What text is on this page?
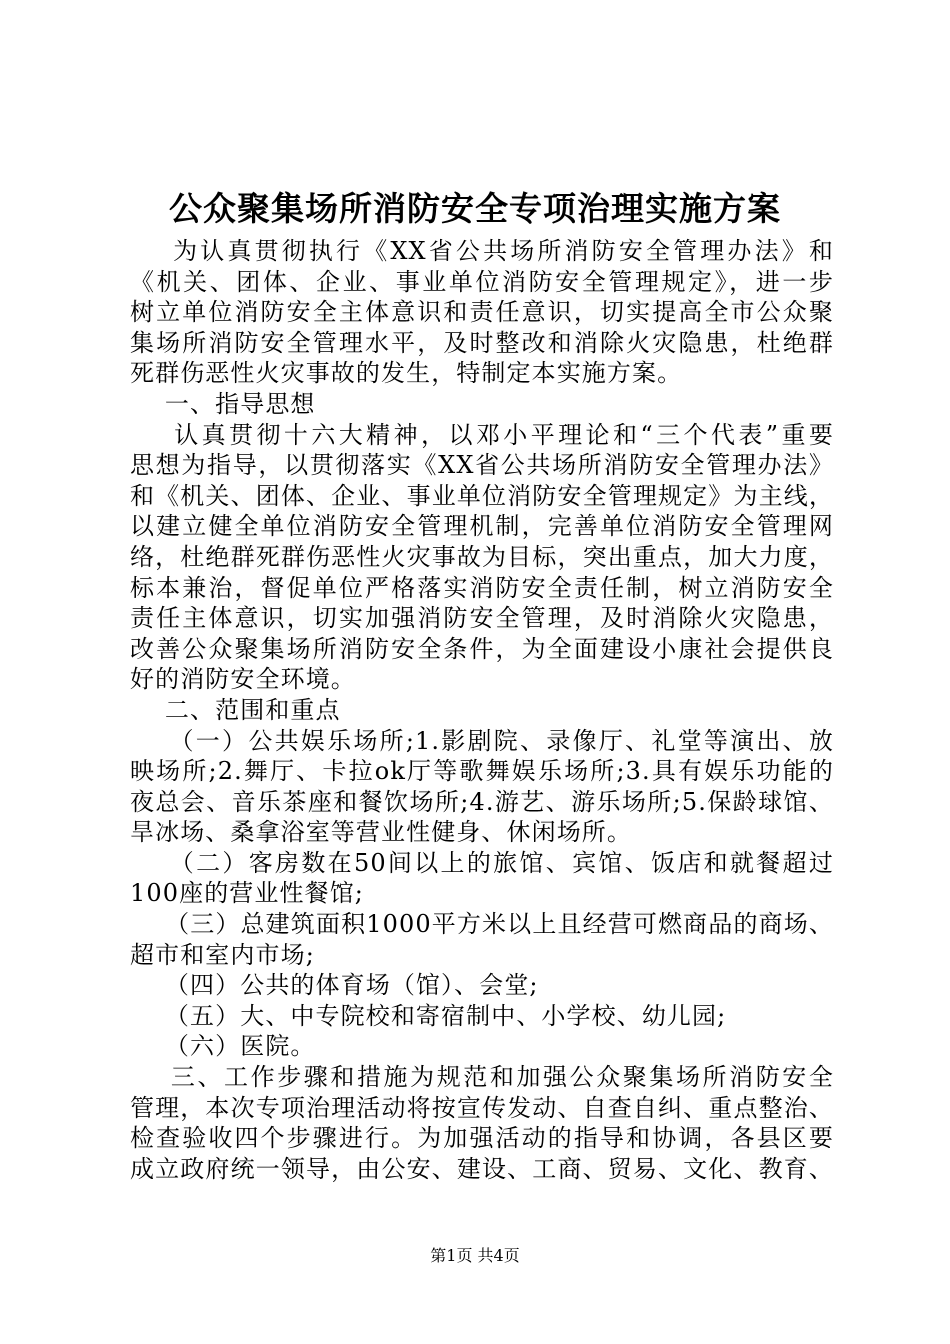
公众聚集场所消防安全专项治理实施方案
为认真贯彻执行《XX省公共场所消防安全管理办法》和
《机关、团体、企业、事业单位消防安全管理规定》，进一步
树立单位消防安全主体意识和责任意识，切实提高全市公众聚
集场所消防安全管理水平，及时整改和消除火灾隐患，杜绝群
死群伤恶性火灾事故的发生，特制定本实施方案。
一、指导思想
认真贯彻十六大精神，以邓小平理论和“三个代表”重要
思想为指导，以贯彻落实《XX省公共场所消防安全管理办法》
和《机关、团体、企业、事业单位消防安全管理规定》为主线，
以建立健全单位消防安全管理机制，完善单位消防安全管理网
络，杜绝群死群伤恶性火灾事故为目标，突出重点，加大力度，
标本兼治，督促单位严格落实消防安全责任制，树立消防安全
责任主体意识，切实加强消防安全管理，及时消除火灾隐患，
改善公众聚集场所消防安全条件，为全面建设小康社会提供良
好的消防安全环境。
二、范围和重点
（一）公共娱乐场所;1.影剧院、录像厅、礼堂等演出、放
映场所;2.舞厅、卡拉ok厅等歌舞娱乐场所;3.具有娱乐功能的
夜总会、音乐茶座和餐饮场所;4.游艺、游乐场所;5.保龄球馆、
旱冰场、桑拿浴室等营业性健身、休闲场所。
（二）客房数在50间以上的旅馆、宾馆、饭店和就餐超过
100座的营业性餐馆;
（三）总建筑面积1000平方米以上且经营可燃商品的商场、
超市和室内市场;
（四）公共的体育场（馆）、会堂;
（五）大、中专院校和寄宿制中、小学校、幼儿园;
（六）医院。
三、工作步骤和措施为规范和加强公众聚集场所消防安全
管理，本次专项治理活动将按宣传发动、自查自纠、重点整治、
检查验收四个步骤进行。为加强活动的指导和协调，各县区要
成立政府统一领导，由公安、建设、工商、贸易、文化、教育、
第1页 共4页
